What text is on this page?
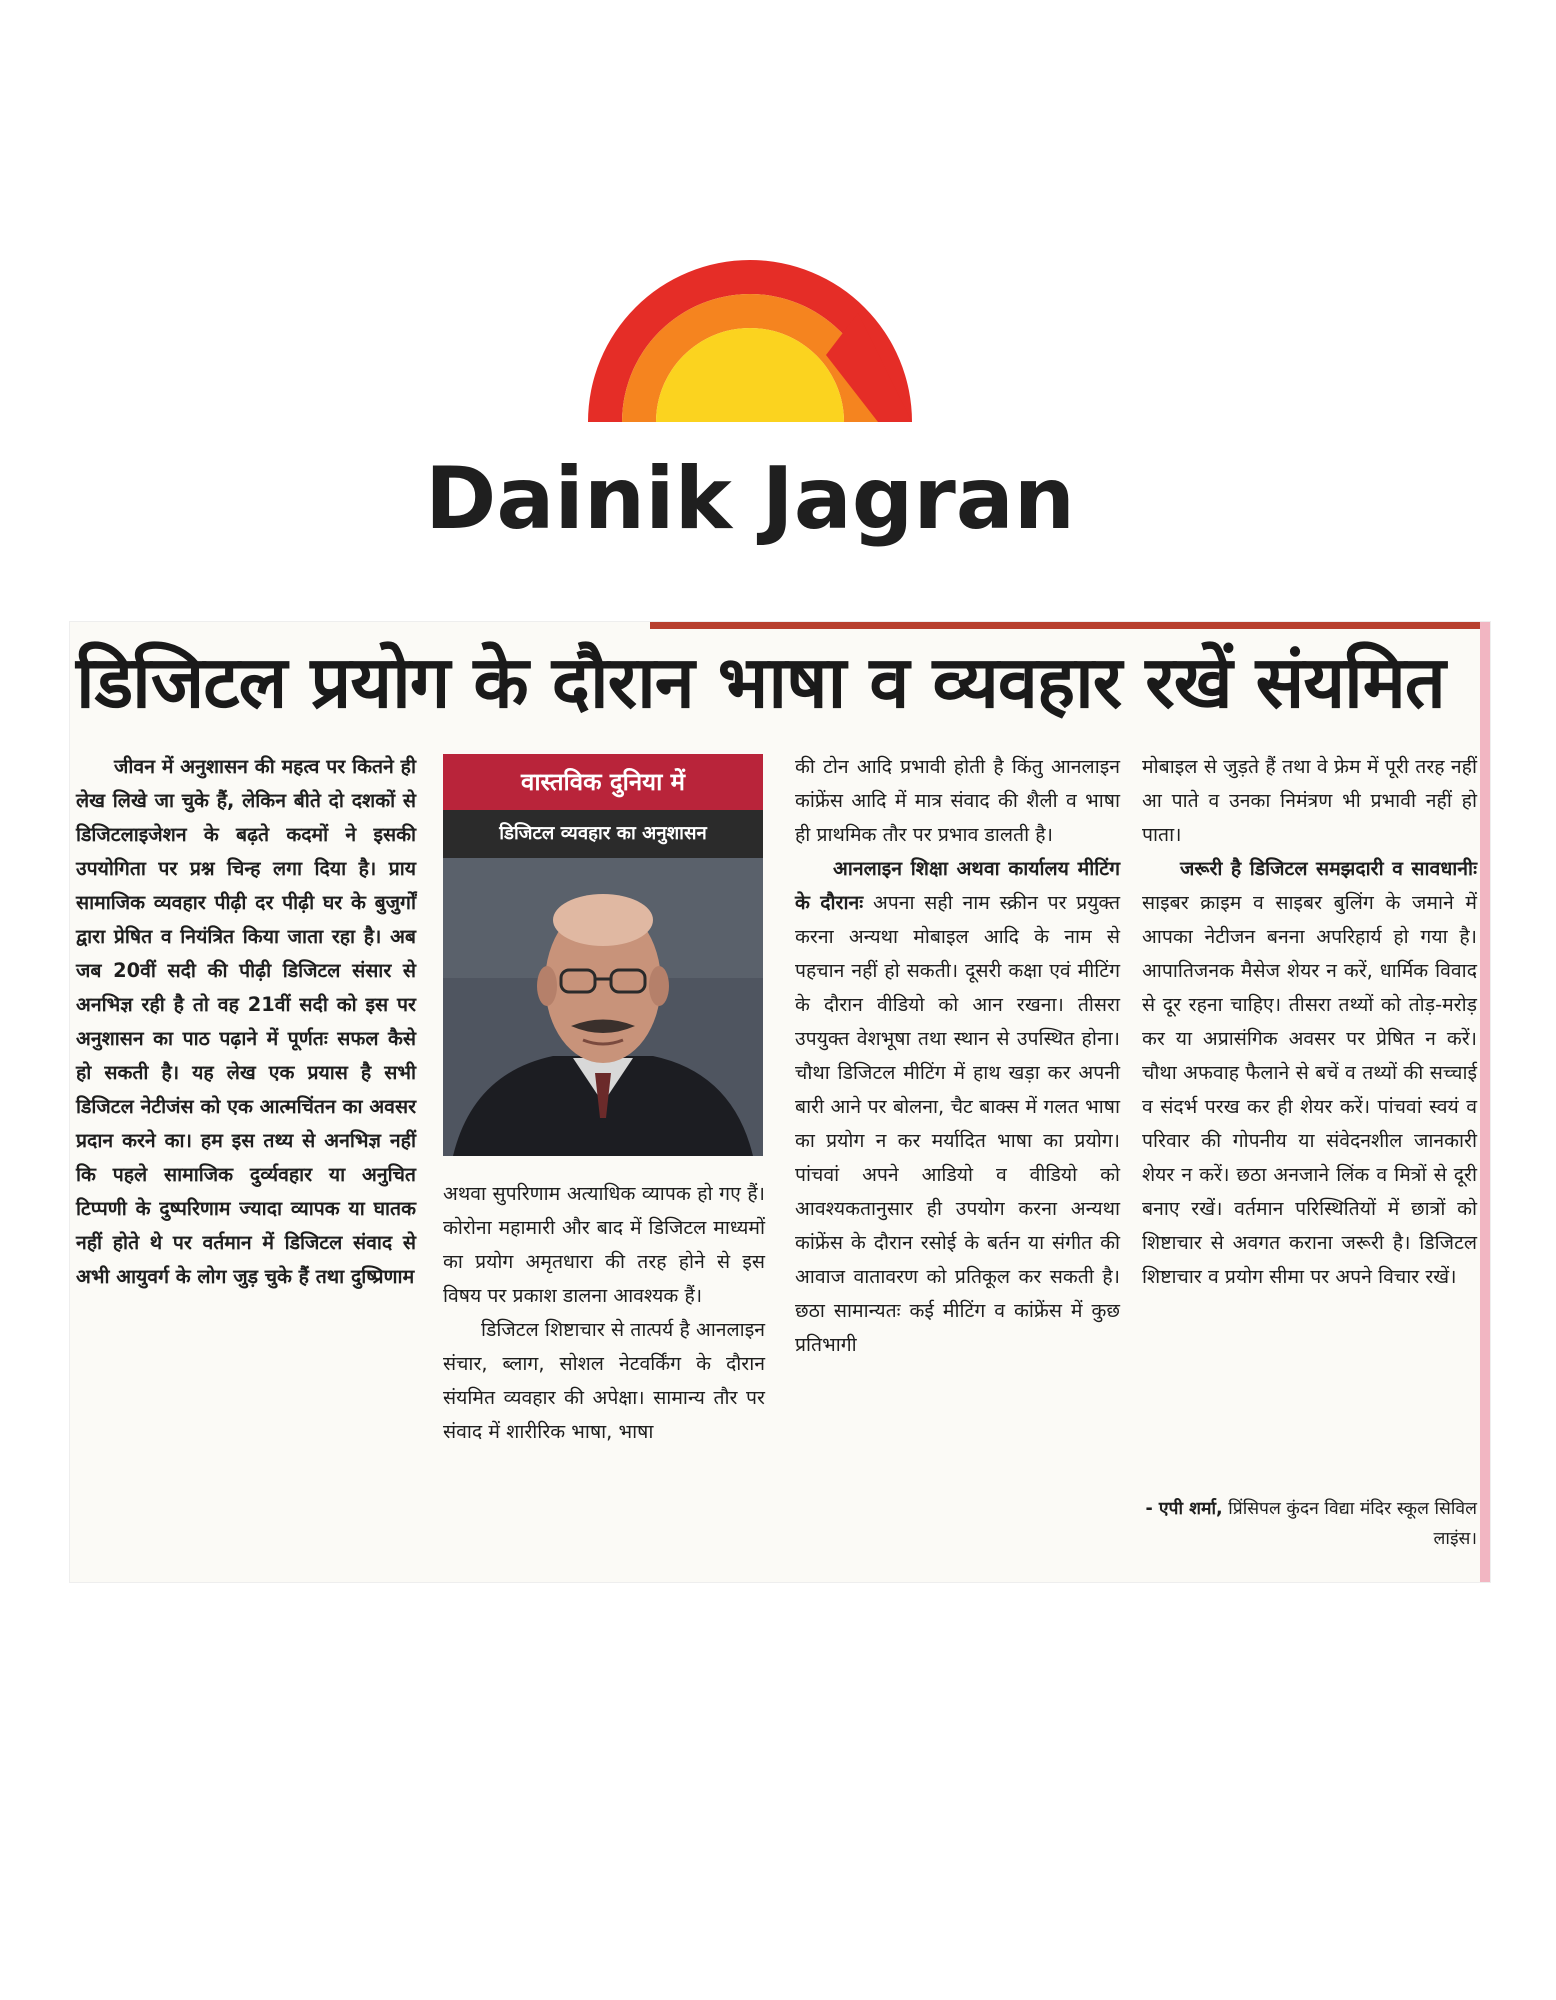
Dainik Jagran
डिजिटल प्रयोग के दौरान भाषा व व्यवहार रखें संयमित

जीवन में अनुशासन की महत्व पर कितने ही लेख लिखे जा चुके हैं, लेकिन बीते दो दशकों से डिजिटलाइजेशन के बढ़ते कदमों ने इसकी उपयोगिता पर प्रश्न चिन्ह लगा दिया है। प्राय सामाजिक व्यवहार पीढ़ी दर पीढ़ी घर के बुजुर्गों द्वारा प्रेषित व नियंत्रित किया जाता रहा है। अब जब 20वीं सदी की पीढ़ी डिजिटल संसार से अनभिज्ञ रही है तो वह 21वीं सदी को इस पर अनुशासन का पाठ पढ़ाने में पूर्णतः सफल कैसे हो सकती है। यह लेख एक प्रयास है सभी डिजिटल नेटीजंस को एक आत्मचिंतन का अवसर प्रदान करने का। हम इस तथ्य से अनभिज्ञ नहीं कि पहले सामाजिक दुर्व्यवहार या अनुचित टिप्पणी के दुष्परिणाम ज्यादा व्यापक या घातक नहीं होते थे पर वर्तमान में डिजिटल संवाद से अभी आयुवर्ग के लोग जुड़ चुके हैं तथा दुष्प्रिणाम

वास्तविक दुनिया में
डिजिटल व्यवहार का अनुशासन

अथवा सुपरिणाम अत्याधिक व्यापक हो गए हैं। कोरोना महामारी और बाद में डिजिटल माध्यमों का प्रयोग अमृतधारा की तरह होने से इस विषय पर प्रकाश डालना आवश्यक हैं।

डिजिटल शिष्टाचार से तात्पर्य है आनलाइन संचार, ब्लाग, सोशल नेटवर्किंग के दौरान संयमित व्यवहार की अपेक्षा। सामान्य तौर पर संवाद में शारीरिक भाषा, भाषा

की टोन आदि प्रभावी होती है किंतु आनलाइन कांफ्रेंस आदि में मात्र संवाद की शैली व भाषा ही प्राथमिक तौर पर प्रभाव डालती है।

आनलाइन शिक्षा अथवा कार्यालय मीटिंग के दौरानः अपना सही नाम स्क्रीन पर प्रयुक्त करना अन्यथा मोबाइल आदि के नाम से पहचान नहीं हो सकती। दूसरी कक्षा एवं मीटिंग के दौरान वीडियो को आन रखना। तीसरा उपयुक्त वेशभूषा तथा स्थान से उपस्थित होना। चौथा डिजिटल मीटिंग में हाथ खड़ा कर अपनी बारी आने पर बोलना, चैट बाक्स में गलत भाषा का प्रयोग न कर मर्यादित भाषा का प्रयोग। पांचवां अपने आडियो व वीडियो को आवश्यकतानुसार ही उपयोग करना अन्यथा कांफ्रेंस के दौरान रसोई के बर्तन या संगीत की आवाज वातावरण को प्रतिकूल कर सकती है। छठा सामान्यतः कई मीटिंग व कांफ्रेंस में कुछ प्रतिभागी

मोबाइल से जुड़ते हैं तथा वे फ्रेम में पूरी तरह नहीं आ पाते व उनका निमंत्रण भी प्रभावी नहीं हो पाता।

जरूरी है डिजिटल समझदारी व सावधानीः साइबर क्राइम व साइबर बुलिंग के जमाने में आपका नेटीजन बनना अपरिहार्य हो गया है। आपातिजनक मैसेज शेयर न करें, धार्मिक विवाद से दूर रहना चाहिए। तीसरा तथ्यों को तोड़-मरोड़ कर या अप्रासंगिक अवसर पर प्रेषित न करें। चौथा अफवाह फैलाने से बचें व तथ्यों की सच्चाई व संदर्भ परख कर ही शेयर करें। पांचवां स्वयं व परिवार की गोपनीय या संवेदनशील जानकारी शेयर न करें। छठा अनजाने लिंक व मित्रों से दूरी बनाए रखें। वर्तमान परिस्थितियों में छात्रों को शिष्टाचार से अवगत कराना जरूरी है। डिजिटल शिष्टाचार व प्रयोग सीमा पर अपने विचार रखें।

- एपी शर्मा, प्रिंसिपल कुंदन विद्या मंदिर स्कूल सिविल लाइंस।
